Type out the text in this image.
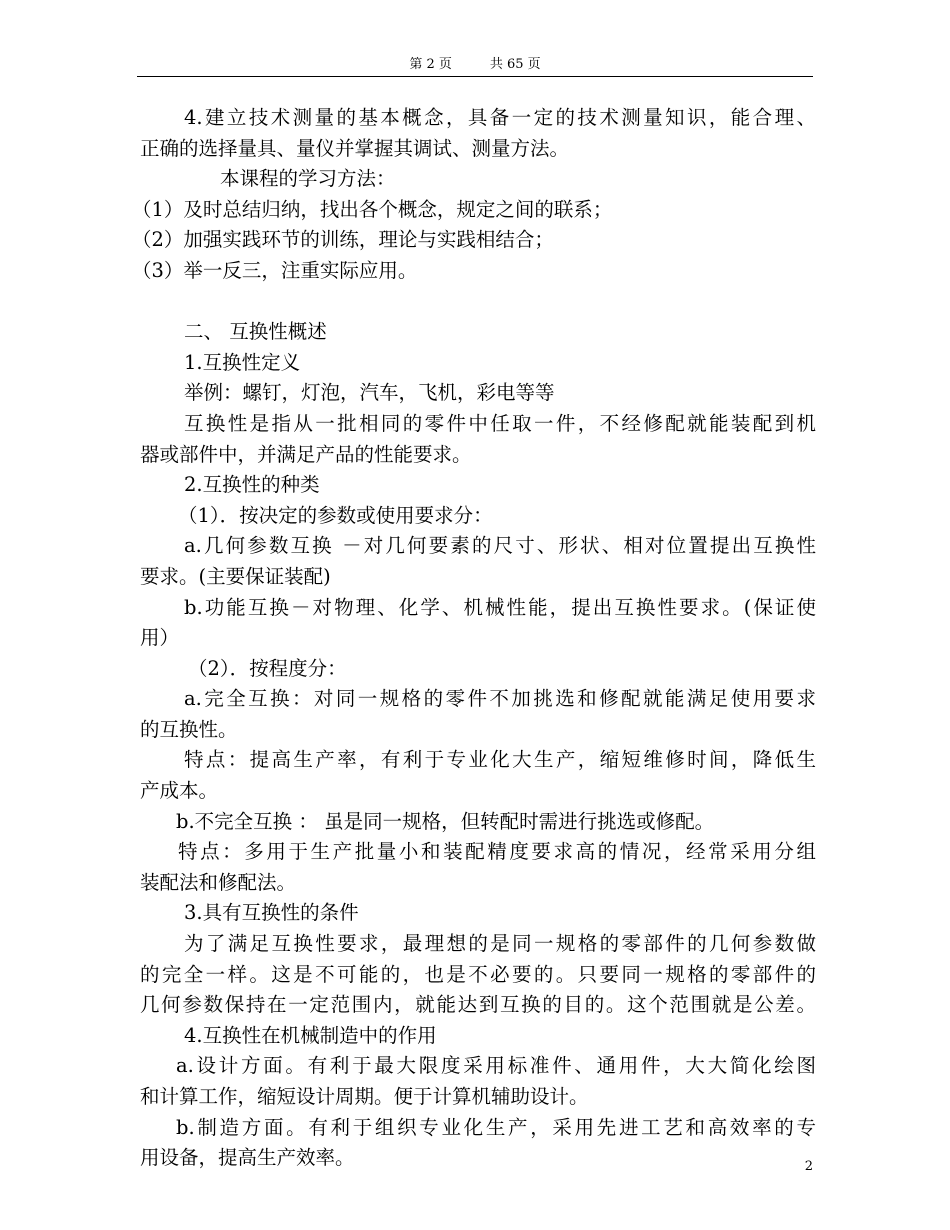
第 2 页	共 65 页
4.建立技术测量的基本概念，具备一定的技术测量知识，能合理、
正确的选择量具、量仪并掌握其调试、测量方法。
本课程的学习方法：
（1）及时总结归纳，找出各个概念，规定之间的联系；
（2）加强实践环节的训练，理论与实践相结合；
（3）举一反三，注重实际应用。
二、 互换性概述
1.互换性定义
举例：螺钉，灯泡，汽车，飞机，彩电等等
互换性是指从一批相同的零件中任取一件，不经修配就能装配到机
器或部件中，并满足产品的性能要求。
2.互换性的种类
（1）．按决定的参数或使用要求分：
a.几何参数互换 －对几何要素的尺寸、形状、相对位置提出互换性
要求。(主要保证装配)
b.功能互换－对物理、化学、机械性能，提出互换性要求。(保证使
用）
（2）．按程度分：
a.完全互换：对同一规格的零件不加挑选和修配就能满足使用要求
的互换性。
特点：提高生产率，有利于专业化大生产，缩短维修时间，降低生
产成本。
b.不完全互换 ： 虽是同一规格，但转配时需进行挑选或修配。
特点：多用于生产批量小和装配精度要求高的情况，经常采用分组
装配法和修配法。
3.具有互换性的条件
为了满足互换性要求，最理想的是同一规格的零部件的几何参数做
的完全一样。这是不可能的，也是不必要的。只要同一规格的零部件的
几何参数保持在一定范围内，就能达到互换的目的。这个范围就是公差。
4.互换性在机械制造中的作用
a.设计方面。有利于最大限度采用标准件、通用件，大大简化绘图
和计算工作，缩短设计周期。便于计算机辅助设计。
b.制造方面。有利于组织专业化生产，采用先进工艺和高效率的专
用设备，提高生产效率。	2
